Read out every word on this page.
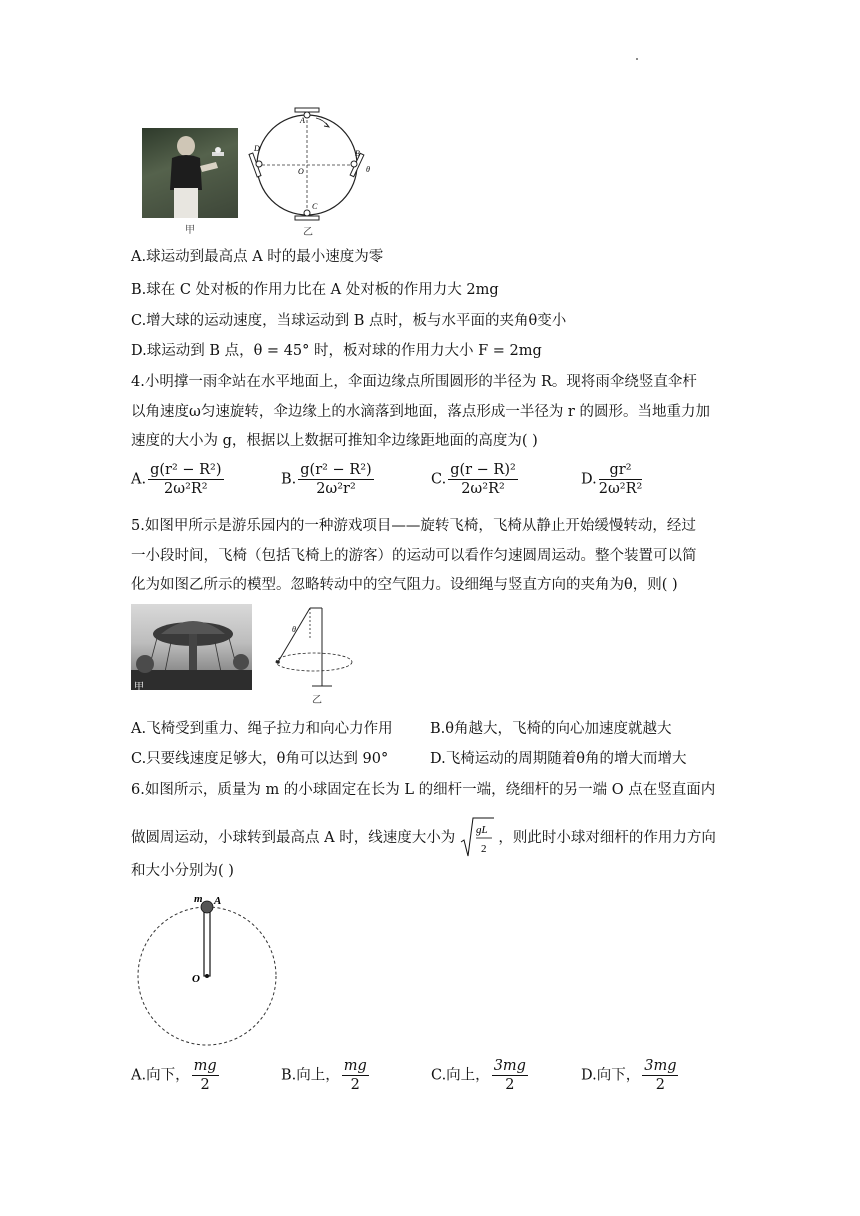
甲
A
B
C
D
O	θ
乙
A.球运动到最高点 A 时的最小速度为零
B.球在 C 处对板的作用力比在 A 处对板的作用力大 2mg
C.增大球的运动速度，当球运动到 B 点时，板与水平面的夹角θ变小
D.球运动到 B 点，θ = 45° 时，板对球的作用力大小 F = 2mg
4.小明撑一雨伞站在水平地面上，伞面边缘点所围圆形的半径为 R。现将雨伞绕竖直伞杆
以角速度ω匀速旋转，伞边缘上的水滴落到地面，落点形成一半径为 r 的圆形。当地重力加
速度的大小为 g，根据以上数据可推知伞边缘距地面的高度为( )
A. $\frac{\text{g(r² − R²)}}{\text{2ω²R²}}$	B. $\frac{\text{g(r² − R²)}}{\text{2ω²r²}}$	C. $\frac{\text{g(r − R)²}}{\text{2ω²R²}}$	D. $\frac{\text{gr²}}{\text{2ω²R²}}$
5.如图甲所示是游乐园内的一种游戏项目——旋转飞椅，飞椅从静止开始缓慢转动，经过
一小段时间，飞椅（包括飞椅上的游客）的运动可以看作匀速圆周运动。整个装置可以简
化为如图乙所示的模型。忽略转动中的空气阻力。设细绳与竖直方向的夹角为θ，则( )
甲
θ
乙
A.飞椅受到重力、绳子拉力和向心力作用	B.θ角越大，飞椅的向心加速度就越大
C.只要线速度足够大，θ角可以达到 90°	D.飞椅运动的周期随着θ角的增大而增大
6.如图所示，质量为 m 的小球固定在长为 L 的细杆一端，绕细杆的另一端 O 点在竖直面内
做圆周运动，小球转到最高点 A 时，线速度大小为 gL
2
，则此时小球对细杆的作用力方向
和大小分别为( )
m A
O
A.向下， $\frac{mg}{2}$	B.向上， $\frac{mg}{2}$	C.向上， $\frac{3mg}{2}$	D.向下， $\frac{3mg}{2}$
